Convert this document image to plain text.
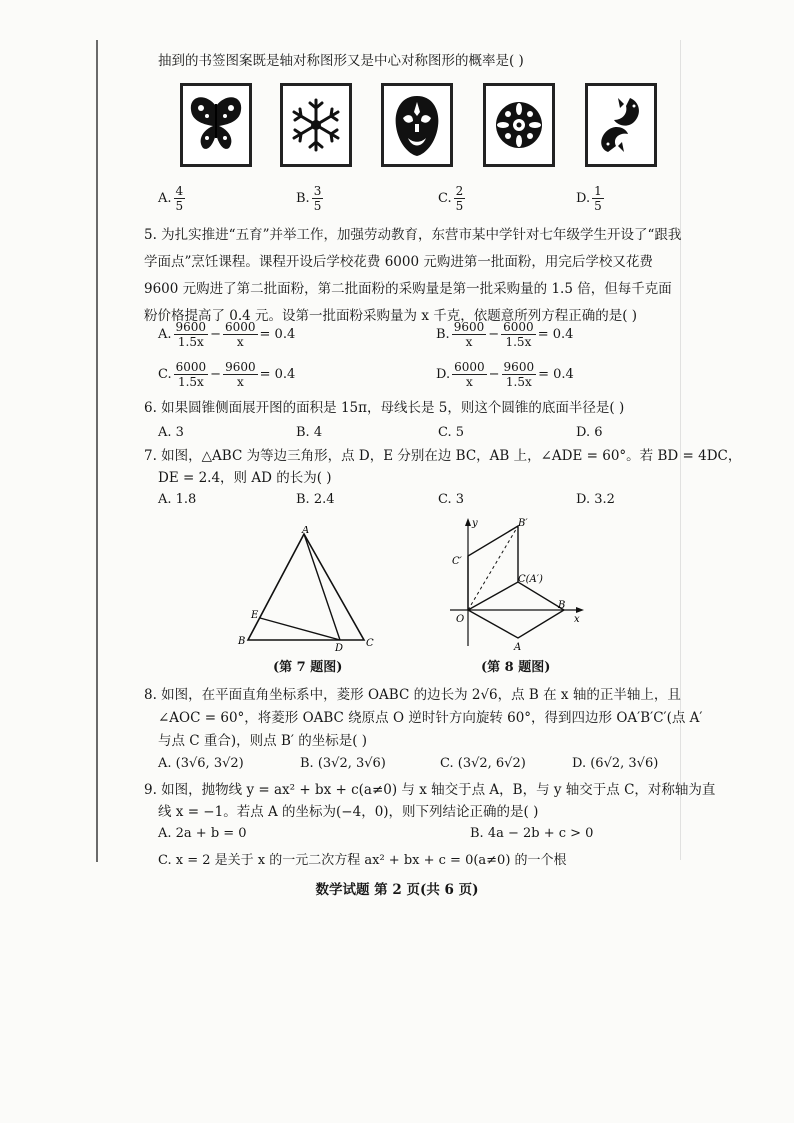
抽到的书签图案既是轴对称图形又是中心对称图形的概率是( )
A. $\frac{4}{5}$	B. $\frac{3}{5}$	C. $\frac{2}{5}$	D. $\frac{1}{5}$
5. 为扎实推进“五育”并举工作，加强劳动教育，东营市某中学针对七年级学生开设了“跟我学面点”烹饪课程。课程开设后学校花费 6000 元购进第一批面粉，用完后学校又花费 9600 元购进了第二批面粉，第二批面粉的采购量是第一批采购量的 1.5 倍，但每千克面粉价格提高了 0.4 元。设第一批面粉采购量为 x 千克，依题意所列方程正确的是( )
A. $\frac{9600}{1.5x} - \frac{6000}{x} = 0.4$	B. $\frac{9600}{x} - \frac{6000}{1.5x} = 0.4$
C. $\frac{6000}{1.5x} - \frac{9600}{x} = 0.4$	D. $\frac{6000}{x} - \frac{9600}{1.5x} = 0.4$
6. 如果圆锥侧面展开图的面积是 15π，母线长是 5，则这个圆锥的底面半径是( )
A. 3	B. 4	C. 5	D. 6
7. 如图，△ABC 为等边三角形，点 D，E 分别在边 BC，AB 上，∠ADE = 60°。若 BD = 4DC，
DE = 2.4，则 AD 的长为( )
A. 1.8	B. 2.4	C. 3	D. 3.2
A
B	C
D
E
(第 7 题图)
y
x
O
A
B
B′
C′
C(A′)
(第 8 题图)
8. 如图，在平面直角坐标系中，菱形 OABC 的边长为 2√6，点 B 在 x 轴的正半轴上，且
∠AOC = 60°，将菱形 OABC 绕原点 O 逆时针方向旋转 60°，得到四边形 OA′B′C′(点 A′
与点 C 重合)，则点 B′ 的坐标是( )
A. (3√6, 3√2)	B. (3√2, 3√6)	C. (3√2, 6√2)	D. (6√2, 3√6)
9. 如图，抛物线 y = ax² + bx + c(a≠0) 与 x 轴交于点 A，B，与 y 轴交于点 C，对称轴为直
线 x = −1。若点 A 的坐标为(−4，0)，则下列结论正确的是( )
A. 2a + b = 0	B. 4a − 2b + c > 0
C. x = 2 是关于 x 的一元二次方程 ax² + bx + c = 0(a≠0) 的一个根
数学试题 第 2 页(共 6 页)
